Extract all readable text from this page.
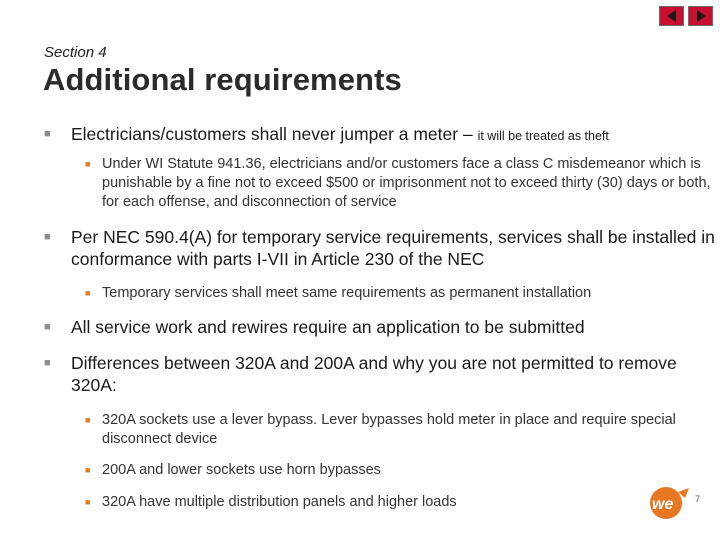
Section 4
Additional requirements
■ Electricians/customers shall never jumper a meter – it will be treated as theft
■ Under WI Statute 941.36, electricians and/or customers face a class C misdemeanor which is punishable by a fine not to exceed $500 or imprisonment not to exceed thirty (30) days or both, for each offense, and disconnection of service
■ Per NEC 590.4(A) for temporary service requirements, services shall be installed in conformance with parts I-VII in Article 230 of the NEC
■ Temporary services shall meet same requirements as permanent installation
■ All service work and rewires require an application to be submitted
■ Differences between 320A and 200A and why you are not permitted to remove 320A:
■ 320A sockets use a lever bypass. Lever bypasses hold meter in place and require special disconnect device
■ 200A and lower sockets use horn bypasses
■ 320A have multiple distribution panels and higher loads	we 7
